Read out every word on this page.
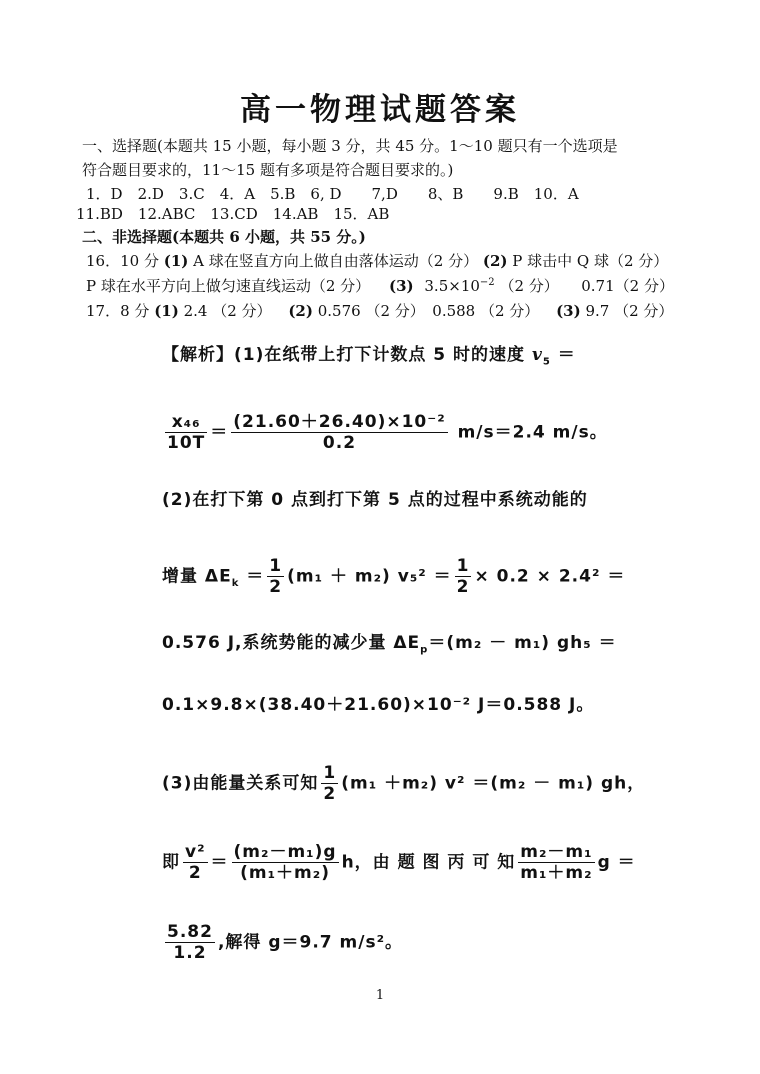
高一物理试题答案
一、选择题(本题共 15 小题，每小题 3 分，共 45 分。1～10 题只有一个选项是
符合题目要求的，11～15 题有多项是符合题目要求的。)
1．D　2.D　3.C　4．A　5.B　6, D　　7,D　　8、B　　9.B　10．A
11.BD　12.ABC　13.CD　14.AB　15．AB
二、非选择题(本题共 6 小题，共 55 分。)
16．10 分 (1) A 球在竖直方向上做自由落体运动（2 分） (2) P 球击中 Q 球（2 分）
P 球在水平方向上做匀速直线运动（2 分） (3) $3.5\times 10^{-2}$ （2 分）　　0.71（2 分）
17．8 分 (1) 2.4 （2 分） (2) 0.576 （2 分）　0.588 （2 分） (3) 9.7 （2 分）
【解析】(1)在纸带上打下计数点 5 时的速度 $v_5$ ＝
$\frac{\text{x₄₆}}{10T} = \frac{\text{(21.60＋26.40)×10⁻²}}{0.2} m/s=2.4$ m/s。
(2)在打下第 0 点到打下第 5 点的过程中系统动能的
增量 $\Delta E_k = \frac{1}{2} (m_1 + m_2) v_5^2 = \frac{1}{2} \times 0.2 \times 2.4^2$ ＝
0.576 J,系统势能的减少量 $\Delta E_p=(m_2 - m_1) gh_5$ ＝
0.1×9.8×(38.40＋21.60)×10⁻² J＝0.588 J。
(3)由能量关系可知 $\frac{1}{2} (m_1 +m_2)$ v² ＝(m₂ － m₁) gh，
即 $\frac{\text{v²}}{2} = \frac{\text{(m₂－m₁)g}}{\text{(m₁＋m₂)}}$ h，由 题 图 丙 可 知 $\frac{\text{m₂－m₁}}{\text{m₁＋m₂}}$ g ＝
$\frac{5.82}{1.2}$ ,解得 g＝9.7 m/s²。
1
